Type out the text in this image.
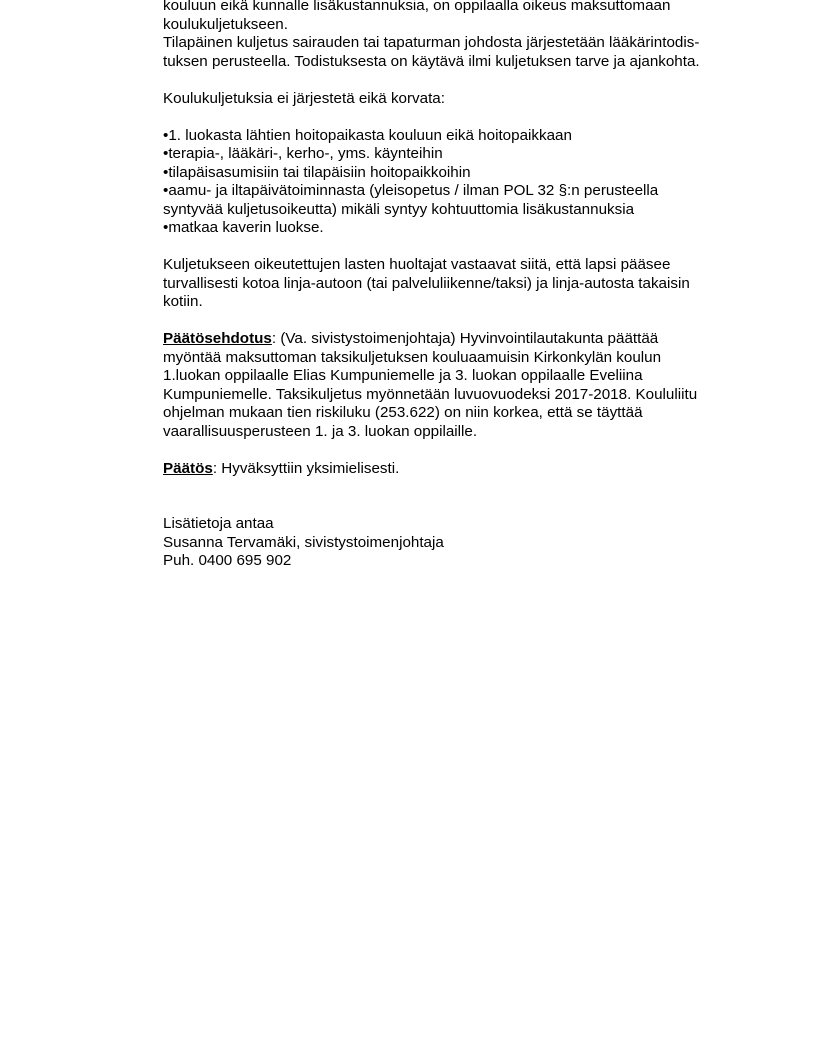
kouluun eikä kunnalle lisäkustannuksia, on oppilaalla oikeus maksuttomaan
koulukuljetukseen.
Tilapäinen kuljetus sairauden tai tapaturman johdosta järjestetään lääkärintodis-
tuksen perusteella. Todistuksesta on käytävä ilmi kuljetuksen tarve ja ajankohta.
Koulukuljetuksia ei järjestetä eikä korvata:
•1. luokasta lähtien hoitopaikasta kouluun eikä hoitopaikkaan
•terapia-, lääkäri-, kerho-, yms. käynteihin
•tilapäisasumisiin tai tilapäisiin hoitopaikkoihin
•aamu- ja iltapäivätoiminnasta (yleisopetus / ilman POL 32 §:n perusteella
syntyvää kuljetusoikeutta) mikäli syntyy kohtuuttomia lisäkustannuksia
•matkaa kaverin luokse.
Kuljetukseen oikeutettujen lasten huoltajat vastaavat siitä, että lapsi pääsee
turvallisesti kotoa linja-autoon (tai palveluliikenne/taksi) ja linja-autosta takaisin
kotiin.
Päätösehdotus: (Va. sivistystoimenjohtaja) Hyvinvointilautakunta päättää
myöntää maksuttoman taksikuljetuksen kouluaamuisin Kirkonkylän koulun
1.luokan oppilaalle Elias Kumpuniemelle ja 3. luokan oppilaalle Eveliina
Kumpuniemelle. Taksikuljetus myönnetään luvuovuodeksi 2017-2018. Koululiitu
ohjelman mukaan tien riskiluku (253.622) on niin korkea, että se täyttää
vaarallisuusperusteen 1. ja 3. luokan oppilaille.
Päätös: Hyväksyttiin yksimielisesti.
Lisätietoja antaa
Susanna Tervamäki, sivistystoimenjohtaja
Puh. 0400 695 902
